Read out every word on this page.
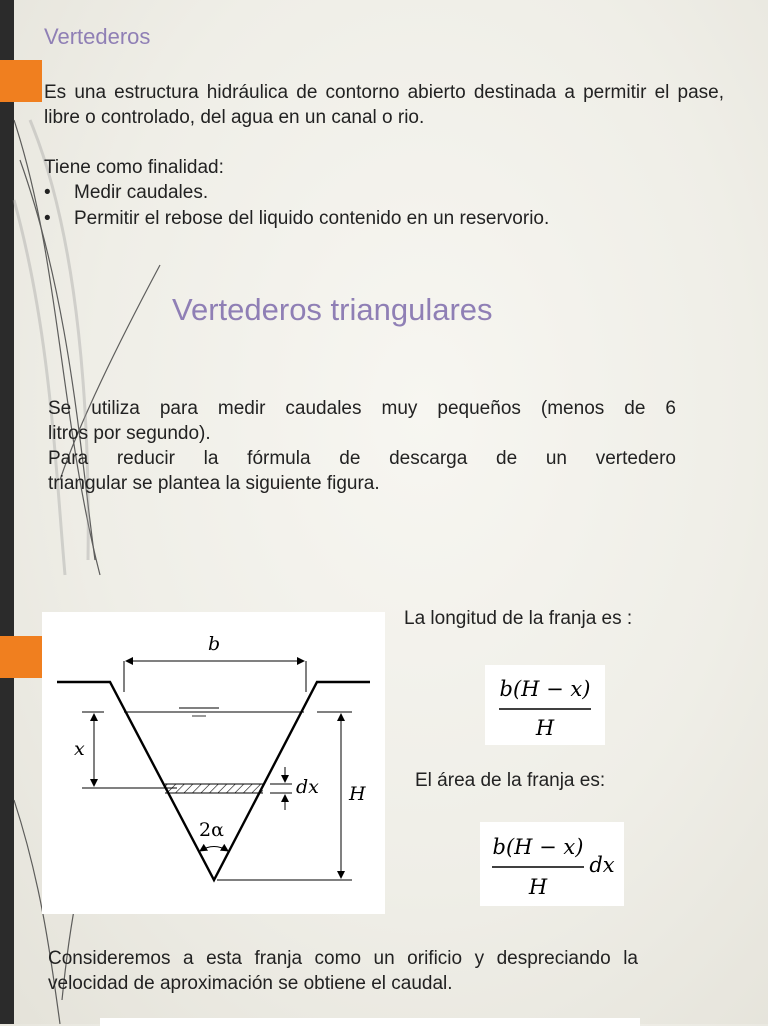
Vertederos
Es una estructura hidráulica de contorno abierto destinada a permitir el pase, libre o controlado, del agua en un canal o rio.
Tiene como finalidad:
• Medir caudales.
• Permitir el rebose del liquido contenido en un reservorio.
Vertederos triangulares
Se utiliza para medir caudales muy pequeños (menos de 6
litros por segundo).
Para reducir la fórmula de descarga de un vertedero
triangular se plantea la siguiente figura.
b
x
dx H
2α
La longitud de la franja es :
b(H − x)
H
El área de la franja es:
b(H − x)
H
dx
Consideremos a esta franja como un orificio y despreciando la
velocidad de aproximación se obtiene el caudal.
